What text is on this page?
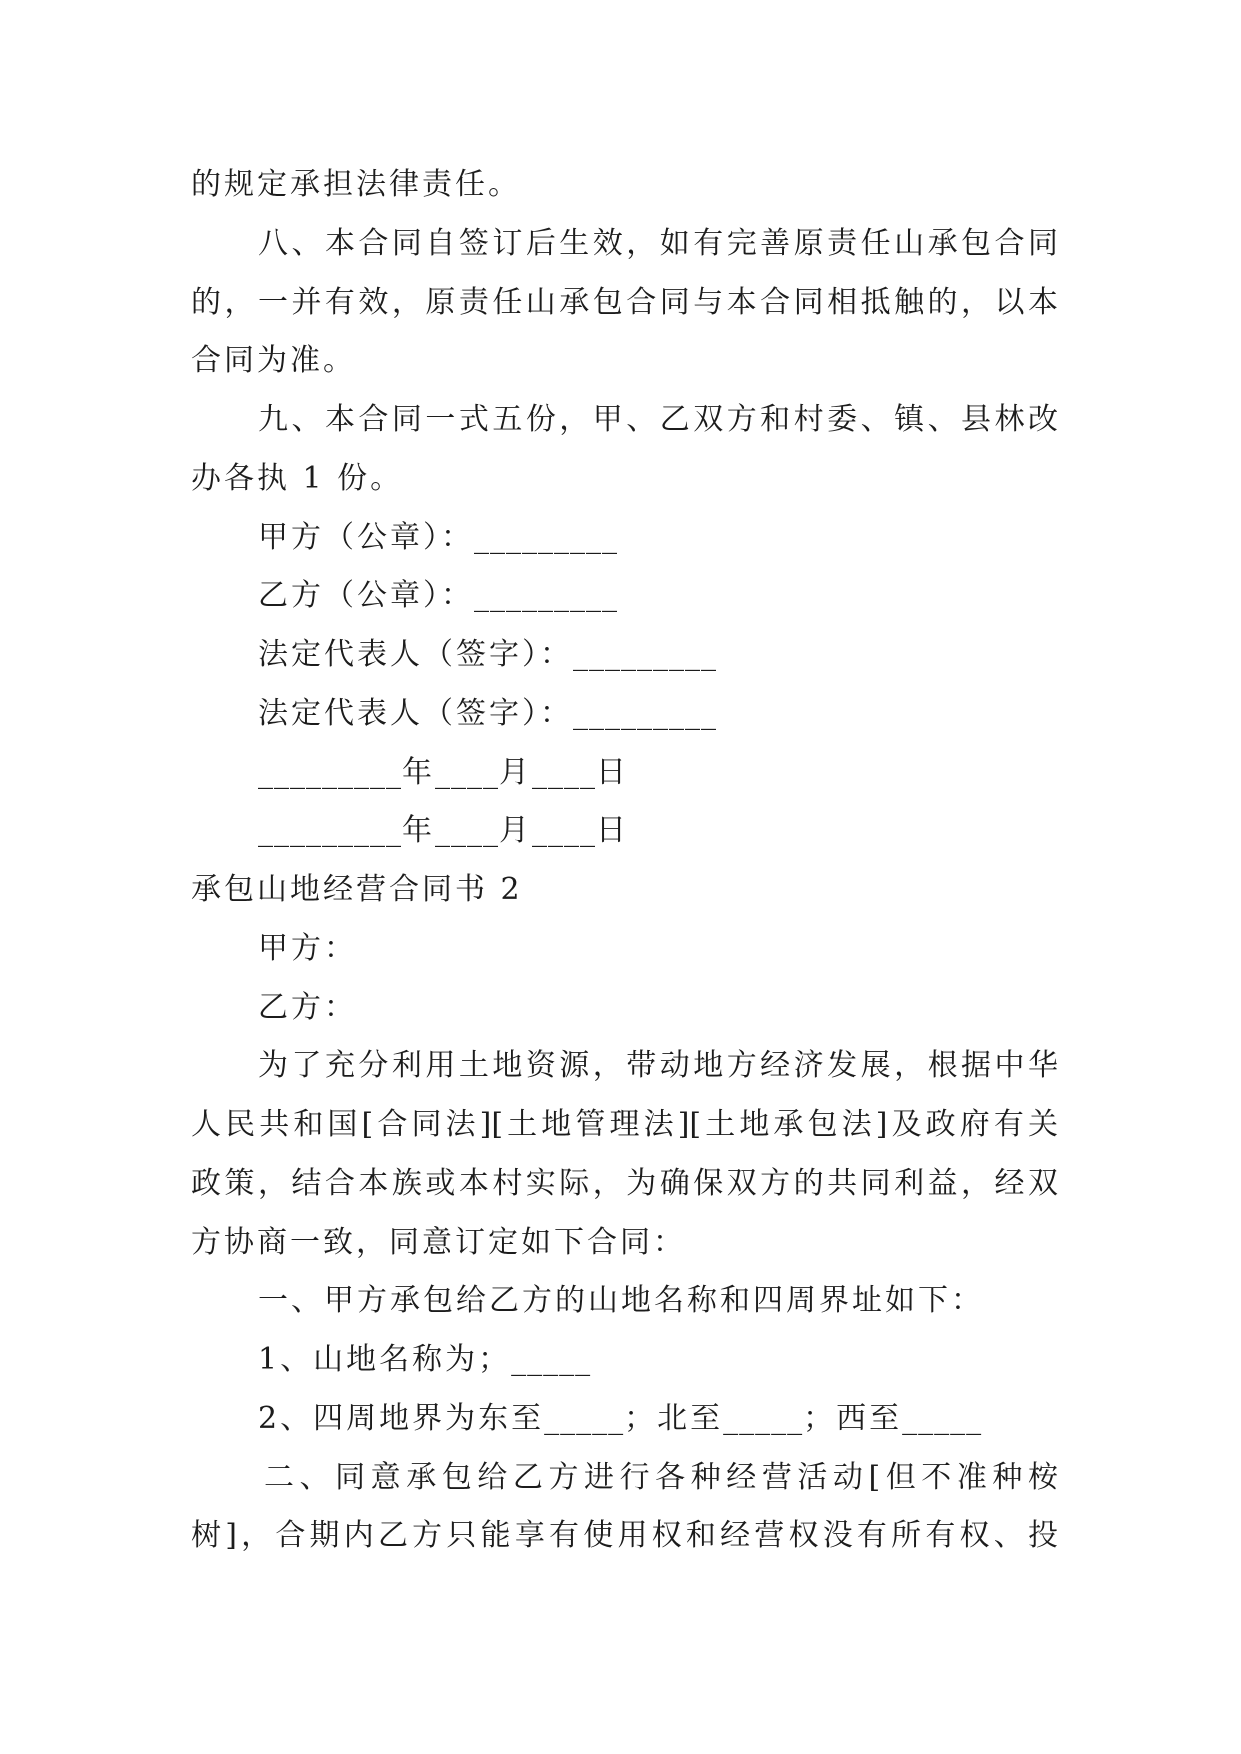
的规定承担法律责任。
八、本合同自签订后生效，如有完善原责任山承包合同
的，一并有效，原责任山承包合同与本合同相抵触的，以本
合同为准。
九、本合同一式五份，甲、乙双方和村委、镇、县林改
办各执 1 份。
甲方（公章）：_________
乙方（公章）：_________
法定代表人（签字）：_________
法定代表人（签字）：_________
_________年____月____日
_________年____月____日
承包山地经营合同书 2
甲方：
乙方：
为了充分利用土地资源，带动地方经济发展，根据中华
人民共和国[合同法][土地管理法][土地承包法]及政府有关
政策，结合本族或本村实际，为确保双方的共同利益，经双
方协商一致，同意订定如下合同：
一、甲方承包给乙方的山地名称和四周界址如下：
1、山地名称为；_____
2、四周地界为东至_____；北至_____；西至_____
二、同意承包给乙方进行各种经营活动[但不准种桉
树]，合期内乙方只能享有使用权和经营权没有所有权、投
